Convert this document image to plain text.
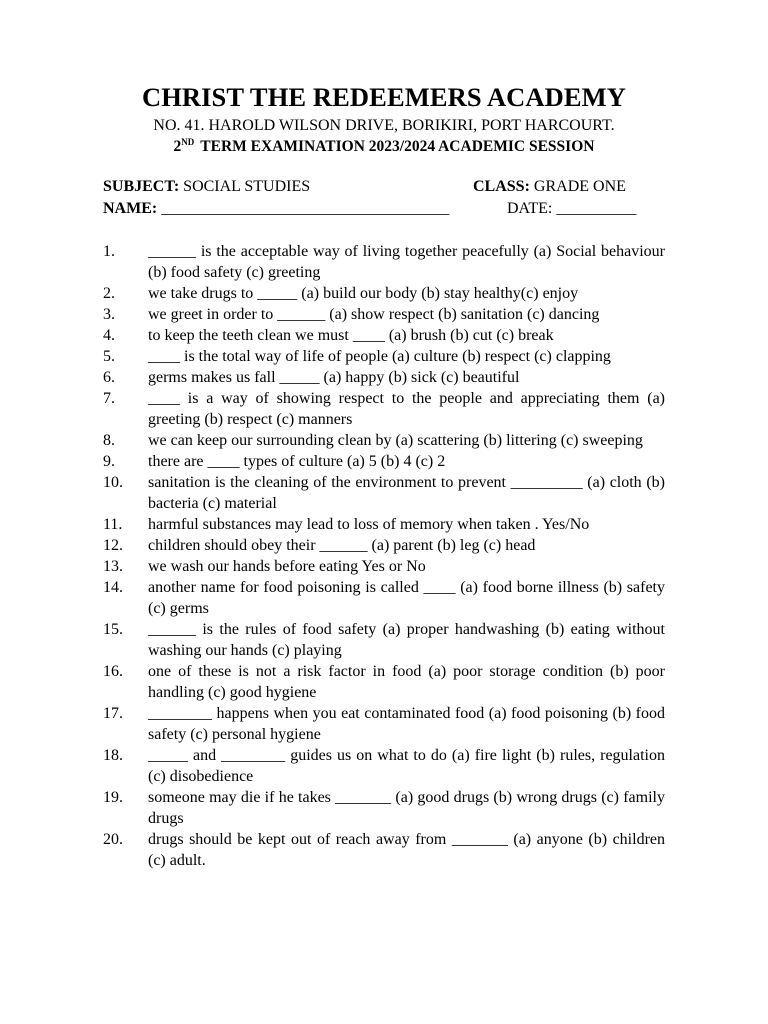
CHRIST THE REDEEMERS ACADEMY
NO. 41. HAROLD WILSON DRIVE, BORIKIRI, PORT HARCOURT.
2ND TERM EXAMINATION 2023/2024 ACADEMIC SESSION
SUBJECT: SOCIAL STUDIES	CLASS: GRADE ONE
NAME: ____________________________________	DATE: __________
1.	______ is the acceptable way of living together peacefully (a) Social behaviour (b) food safety (c) greeting
2.	we take drugs to _____ (a) build our body (b) stay healthy(c) enjoy
3.	we greet in order to ______ (a) show respect (b) sanitation (c) dancing
4.	to keep the teeth clean we must ____ (a) brush (b) cut (c) break
5.	____ is the total way of life of people (a) culture (b) respect (c) clapping
6.	germs makes us fall _____ (a) happy (b) sick (c) beautiful
7.	____ is a way of showing respect to the people and appreciating them (a) greeting (b) respect (c) manners
8.	we can keep our surrounding clean by (a) scattering (b) littering (c) sweeping
9.	there are ____ types of culture (a) 5 (b) 4 (c) 2
10.	sanitation is the cleaning of the environment to prevent _________ (a) cloth (b) bacteria (c) material
11.	harmful substances may lead to loss of memory when taken . Yes/No
12.	children should obey their ______ (a) parent (b) leg (c) head
13.	we wash our hands before eating Yes or No
14.	another name for food poisoning is called ____ (a) food borne illness (b) safety (c) germs
15.	______ is the rules of food safety (a) proper handwashing (b) eating without washing our hands (c) playing
16.	one of these is not a risk factor in food (a) poor storage condition (b) poor handling (c) good hygiene
17.	________ happens when you eat contaminated food (a) food poisoning (b) food safety (c) personal hygiene
18.	_____ and ________ guides us on what to do (a) fire light (b) rules, regulation (c) disobedience
19.	someone may die if he takes _______ (a) good drugs (b) wrong drugs (c) family drugs
20.	drugs should be kept out of reach away from _______ (a) anyone (b) children (c) adult.
